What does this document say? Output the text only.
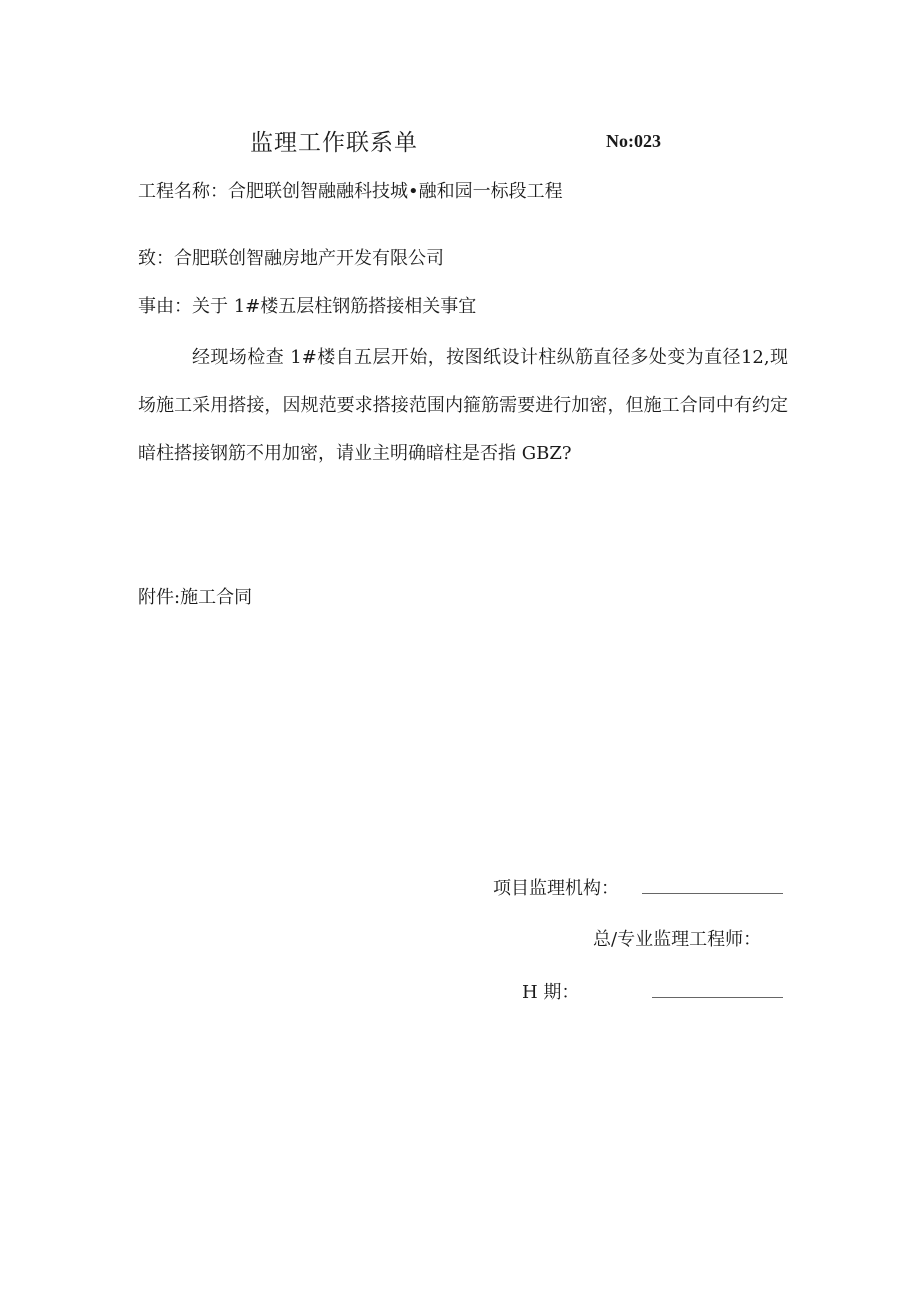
监理工作联系单	No:023
工程名称：合肥联创智融融科技城•融和园一标段工程
致：合肥联创智融房地产开发有限公司
事由：关于 1#楼五层柱钢筋搭接相关事宜
经现场检查 1#楼自五层开始，按图纸设计柱纵筋直径多处变为直径12,现场施工采用搭接，因规范要求搭接范围内箍筋需要进行加密，但施工合同中有约定暗柱搭接钢筋不用加密，请业主明确暗柱是否指 GBZ?
附件:施工合同
项目监理机构：
总/专业监理工程师：
H 期：
